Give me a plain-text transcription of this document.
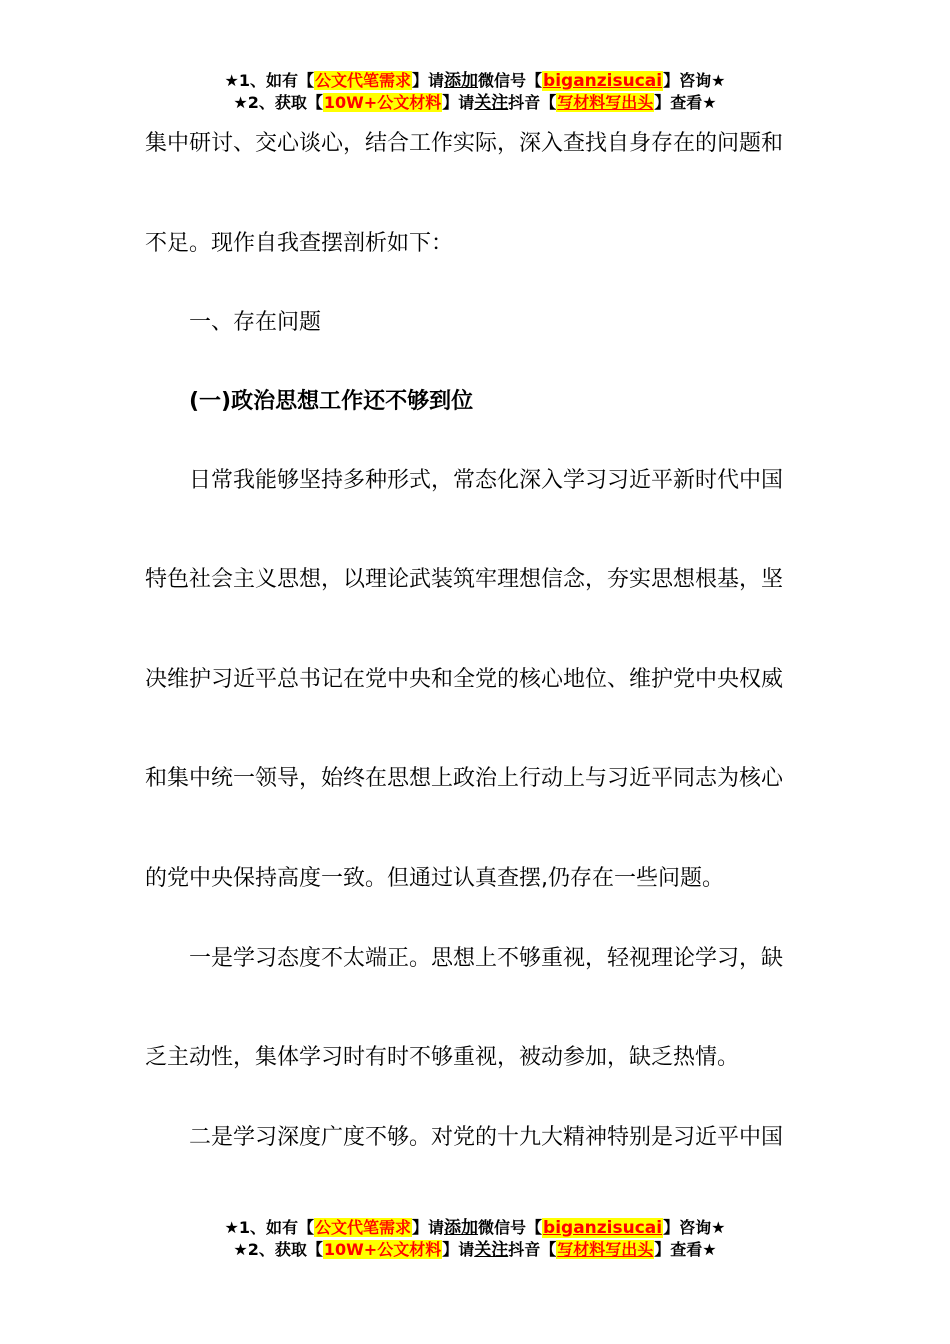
★1、如有【公文代笔需求】请添加微信号【biganzisucai】咨询★
★2、获取【10W+公文材料】请关注抖音【写材料写出头】查看★
集中研讨、交心谈心，结合工作实际，深入查找自身存在的问题和
不足。现作自我查摆剖析如下：
一、存在问题
(一)政治思想工作还不够到位
日常我能够坚持多种形式，常态化深入学习习近平新时代中国
特色社会主义思想，以理论武装筑牢理想信念，夯实思想根基，坚
决维护习近平总书记在党中央和全党的核心地位、维护党中央权威
和集中统一领导，始终在思想上政治上行动上与习近平同志为核心
的党中央保持高度一致。但通过认真查摆,仍存在一些问题。
一是学习态度不太端正。思想上不够重视，轻视理论学习，缺
乏主动性，集体学习时有时不够重视，被动参加，缺乏热情。
二是学习深度广度不够。对党的十九大精神特别是习近平中国
★1、如有【公文代笔需求】请添加微信号【biganzisucai】咨询★
★2、获取【10W+公文材料】请关注抖音【写材料写出头】查看★
